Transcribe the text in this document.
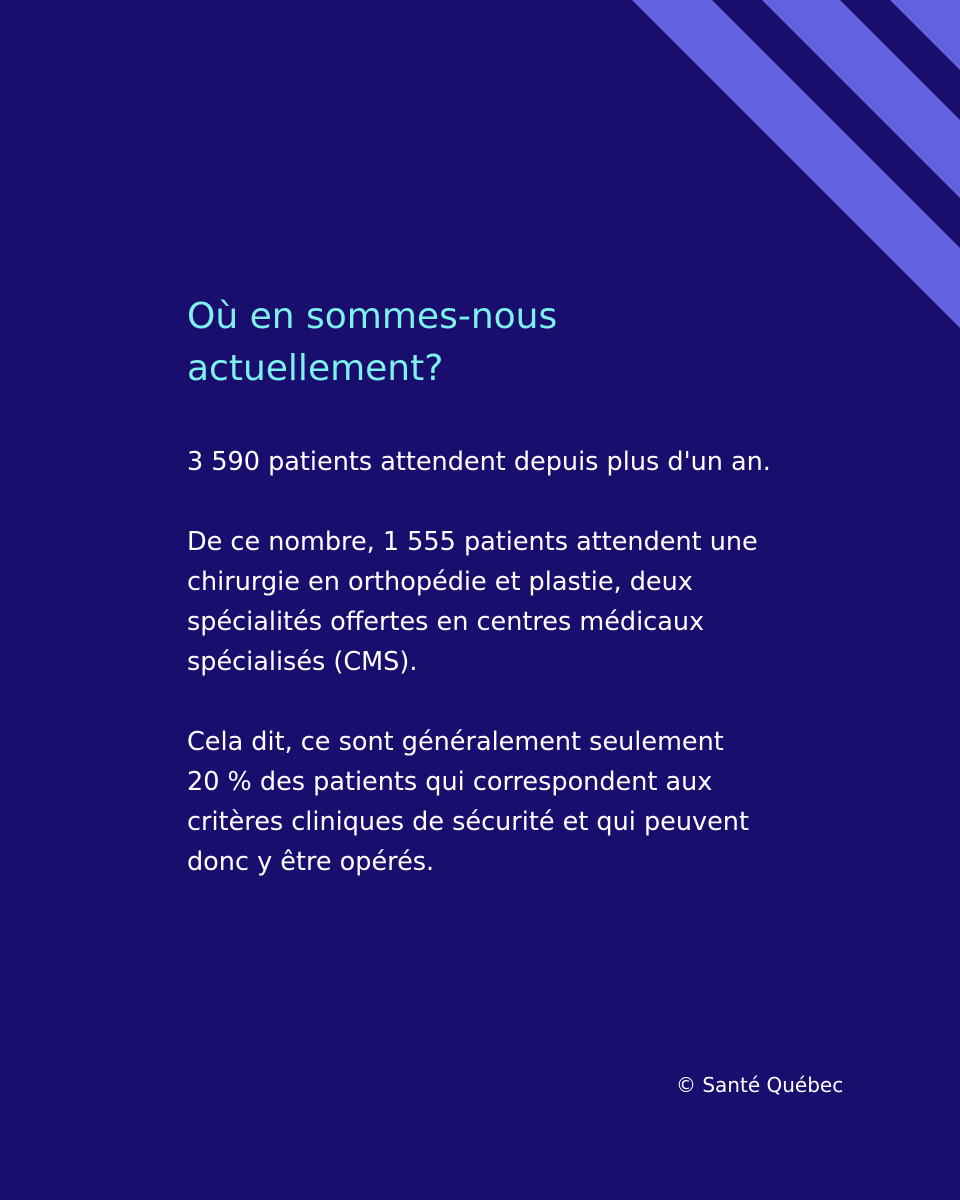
Où en sommes-nous
actuellement?

3 590 patients attendent depuis plus d'un an.

De ce nombre, 1 555 patients attendent une
chirurgie en orthopédie et plastie, deux
spécialités offertes en centres médicaux
spécialisés (CMS).

Cela dit, ce sont généralement seulement
20 % des patients qui correspondent aux
critères cliniques de sécurité et qui peuvent
donc y être opérés.

© Santé Québec
